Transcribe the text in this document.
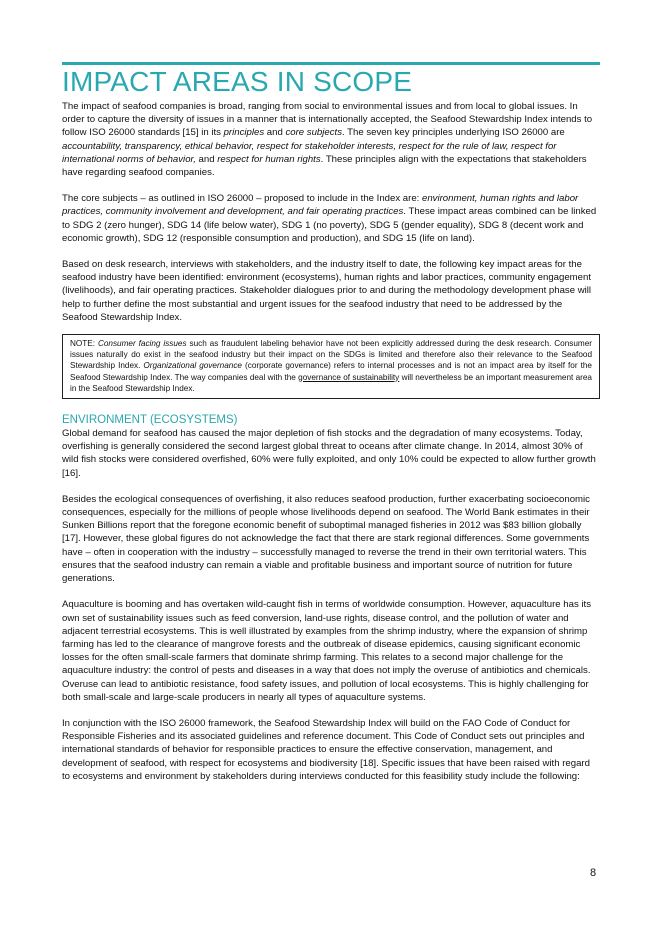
IMPACT AREAS IN SCOPE

The impact of seafood companies is broad, ranging from social to environmental issues and from local to global issues. In order to capture the diversity of issues in a manner that is internationally accepted, the Seafood Stewardship Index intends to follow ISO 26000 standards [15] in its principles and core subjects. The seven key principles underlying ISO 26000 are accountability, transparency, ethical behavior, respect for stakeholder interests, respect for the rule of law, respect for international norms of behavior, and respect for human rights. These principles align with the expectations that stakeholders have regarding seafood companies.

The core subjects – as outlined in ISO 26000 – proposed to include in the Index are: environment, human rights and labor practices, community involvement and development, and fair operating practices. These impact areas combined can be linked to SDG 2 (zero hunger), SDG 14 (life below water), SDG 1 (no poverty), SDG 5 (gender equality), SDG 8 (decent work and economic growth), SDG 12 (responsible consumption and production), and SDG 15 (life on land).

Based on desk research, interviews with stakeholders, and the industry itself to date, the following key impact areas for the seafood industry have been identified: environment (ecosystems), human rights and labor practices, community engagement (livelihoods), and fair operating practices. Stakeholder dialogues prior to and during the methodology development phase will help to further define the most substantial and urgent issues for the seafood industry that need to be addressed by the Seafood Stewardship Index.

NOTE: Consumer facing issues such as fraudulent labeling behavior have not been explicitly addressed during the desk research. Consumer issues naturally do exist in the seafood industry but their impact on the SDGs is limited and therefore also their relevance to the Seafood Stewardship Index. Organizational governance (corporate governance) refers to internal processes and is not an impact area by itself for the Seafood Stewardship Index. The way companies deal with the governance of sustainability will nevertheless be an important measurement area in the Seafood Stewardship Index.

ENVIRONMENT (ECOSYSTEMS)

Global demand for seafood has caused the major depletion of fish stocks and the degradation of many ecosystems. Today, overfishing is generally considered the second largest global threat to oceans after climate change. In 2014, almost 30% of wild fish stocks were considered overfished, 60% were fully exploited, and only 10% could be expected to allow further growth [16].

Besides the ecological consequences of overfishing, it also reduces seafood production, further exacerbating socioeconomic consequences, especially for the millions of people whose livelihoods depend on seafood. The World Bank estimates in their Sunken Billions report that the foregone economic benefit of suboptimal managed fisheries in 2012 was $83 billion globally [17]. However, these global figures do not acknowledge the fact that there are stark regional differences. Some governments have – often in cooperation with the industry – successfully managed to reverse the trend in their own territorial waters. This ensures that the seafood industry can remain a viable and profitable business and important source of nutrition for future generations.

Aquaculture is booming and has overtaken wild-caught fish in terms of worldwide consumption. However, aquaculture has its own set of sustainability issues such as feed conversion, land-use rights, disease control, and the pollution of water and adjacent terrestrial ecosystems. This is well illustrated by examples from the shrimp industry, where the expansion of shrimp farming has led to the clearance of mangrove forests and the outbreak of disease epidemics, causing significant economic losses for the often small-scale farmers that dominate shrimp farming. This relates to a second major challenge for the aquaculture industry: the control of pests and diseases in a way that does not imply the overuse of antibiotics and chemicals. Overuse can lead to antibiotic resistance, food safety issues, and pollution of local ecosystems. This is highly challenging for both small-scale and large-scale producers in nearly all types of aquaculture systems.

In conjunction with the ISO 26000 framework, the Seafood Stewardship Index will build on the FAO Code of Conduct for Responsible Fisheries and its associated guidelines and reference document. This Code of Conduct sets out principles and international standards of behavior for responsible practices to ensure the effective conservation, management, and development of seafood, with respect for ecosystems and biodiversity [18]. Specific issues that have been raised with regard to ecosystems and environment by stakeholders during interviews conducted for this feasibility study include the following:

8
